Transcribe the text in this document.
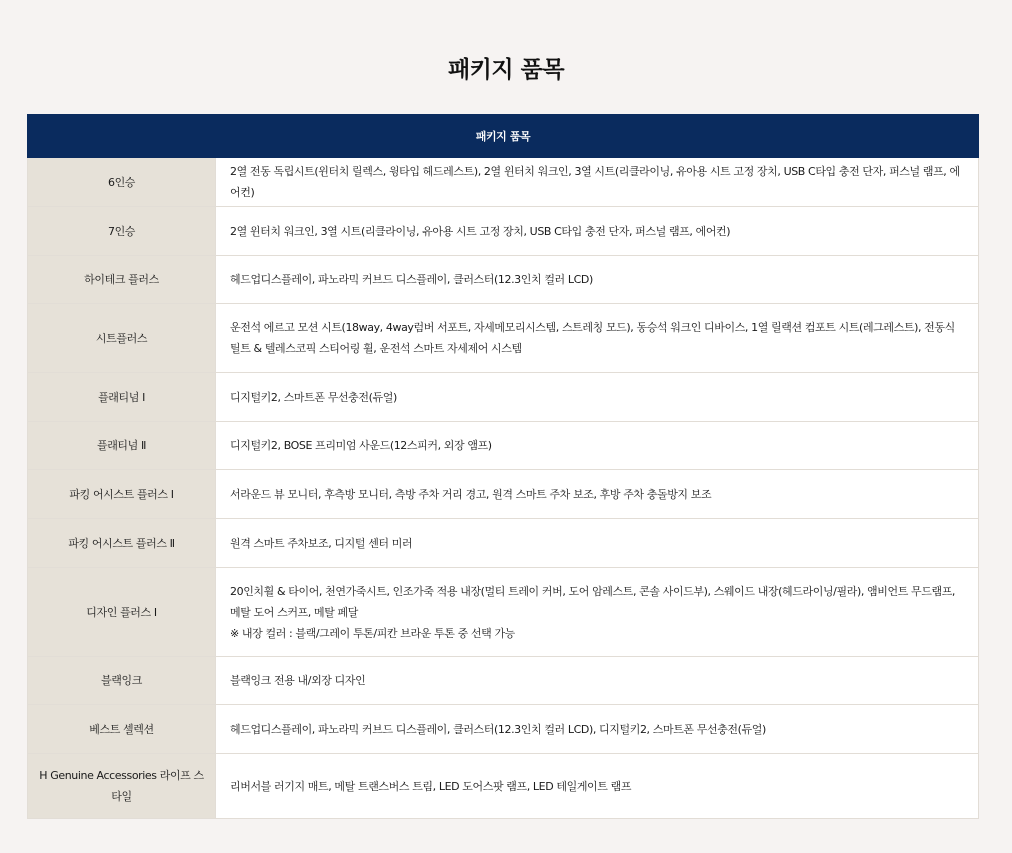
패키지 품목
패키지 품목	
6인승	2열 전동 독립시트(윈터치 릴렉스, 윙타입 헤드레스트), 2열 윈터치 워크인, 3열 시트(리클라이닝, 유아용 시트 고정 장치, USB C타입 충전 단자, 퍼스널 램프, 에어컨)
7인승	2열 윈터치 워크인, 3열 시트(리클라이닝, 유아용 시트 고정 장치, USB C타입 충전 단자, 퍼스널 램프, 에어컨)
하이테크 플러스	헤드업디스플레이, 파노라믹 커브드 디스플레이, 클러스터(12.3인치 컬러 LCD)
시트플러스	운전석 에르고 모션 시트(18way, 4way럼버 서포트, 자세메모리시스템, 스트레칭 모드), 동승석 워크인 디바이스, 1열 릴랙션 컴포트 시트(레그레스트), 전동식 틸트 & 텔레스코픽 스티어링 휠, 운전석 스마트 자세제어 시스템
플래티넘 Ⅰ	디지털키2, 스마트폰 무선충전(듀얼)
플래티넘 Ⅱ	디지털키2, BOSE 프리미엄 사운드(12스피커, 외장 앰프)
파킹 어시스트 플러스 Ⅰ	서라운드 뷰 모니터, 후측방 모니터, 측방 주차 거리 경고, 원격 스마트 주차 보조, 후방 주차 충돌방지 보조
파킹 어시스트 플러스 Ⅱ	원격 스마트 주차보조, 디지털 센터 미러
디자인 플러스 Ⅰ	20인치휠 & 타이어, 천연가죽시트, 인조가죽 적용 내장(멀티 트레이 커버, 도어 암레스트, 콘솔 사이드부), 스웨이드 내장(헤드라이닝/필라), 앰비언트 무드램프, 메탈 도어 스커프, 메탈 페달
※ 내장 컬러 : 블랙/그레이 투톤/피칸 브라운 투톤 중 선택 가능

블랙잉크	블랙잉크 전용 내/외장 디자인
베스트 셀렉션	헤드업디스플레이, 파노라믹 커브드 디스플레이, 클러스터(12.3인치 컬러 LCD), 디지털키2, 스마트폰 무선충전(듀얼)
H Genuine Accessories 라이프 스타일	리버서블 러기지 매트, 메탈 트랜스버스 트림, LED 도어스팟 램프, LED 테일게이트 램프
